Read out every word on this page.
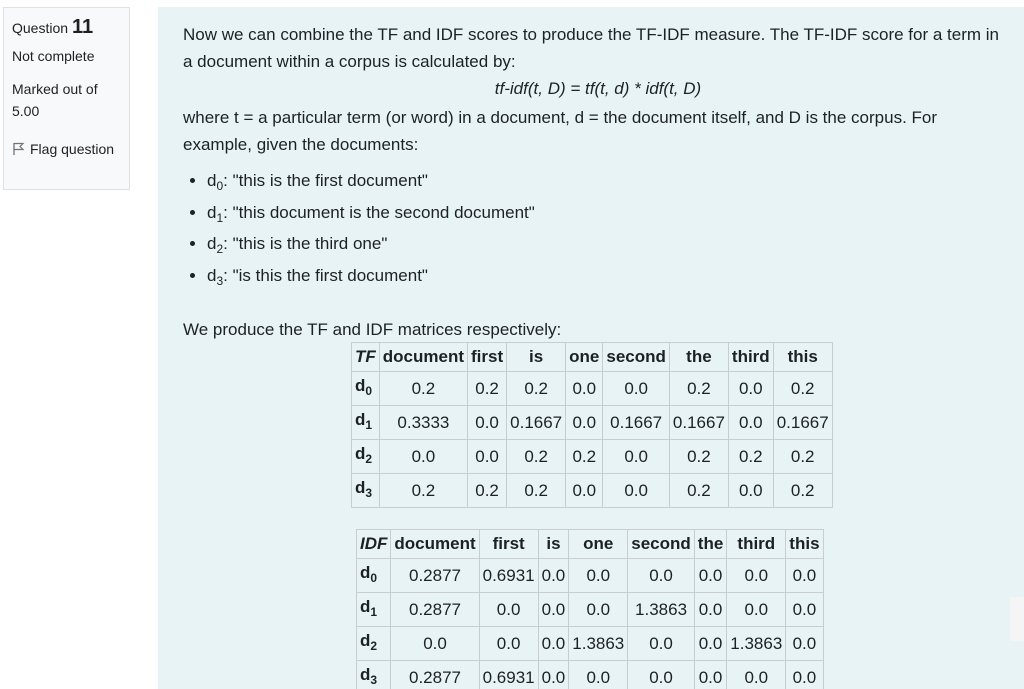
Question 11
Not complete
Marked out of 5.00
Flag question

Now we can combine the TF and IDF scores to produce the TF-IDF measure. The TF-IDF score for a term in a document within a corpus is calculated by:

tf-idf(t, D) = tf(t, d) * idf(t, D)

where t = a particular term (or word) in a document, d = the document itself, and D is the corpus. For example, given the documents:

• $d_0$: "this is the first document"
• $d_1$: "this document is the second document"
• $d_2$: "this is the third one"
• $d_3$: "is this the first document"

We produce the TF and IDF matrices respectively:

TF	document	first	is	one	second	the	third	this
$d_0$	0.2	0.2	0.2	0.0	0.0	0.2	0.0	0.2
$d_1$	0.3333	0.0	0.1667	0.0	0.1667	0.1667	0.0	0.1667
$d_2$	0.0	0.0	0.2	0.2	0.0	0.2	0.2	0.2
$d_3$	0.2	0.2	0.2	0.0	0.0	0.2	0.0	0.2
IDF	document	first	is	one	second	the	third	this
$d_0$	0.2877	0.6931	0.0	0.0	0.0	0.0	0.0	0.0
$d_1$	0.2877	0.0	0.0	0.0	1.3863	0.0	0.0	0.0
$d_2$	0.0	0.0	0.0	1.3863	0.0	0.0	1.3863	0.0
$d_3$	0.2877	0.6931	0.0	0.0	0.0	0.0	0.0	0.0
